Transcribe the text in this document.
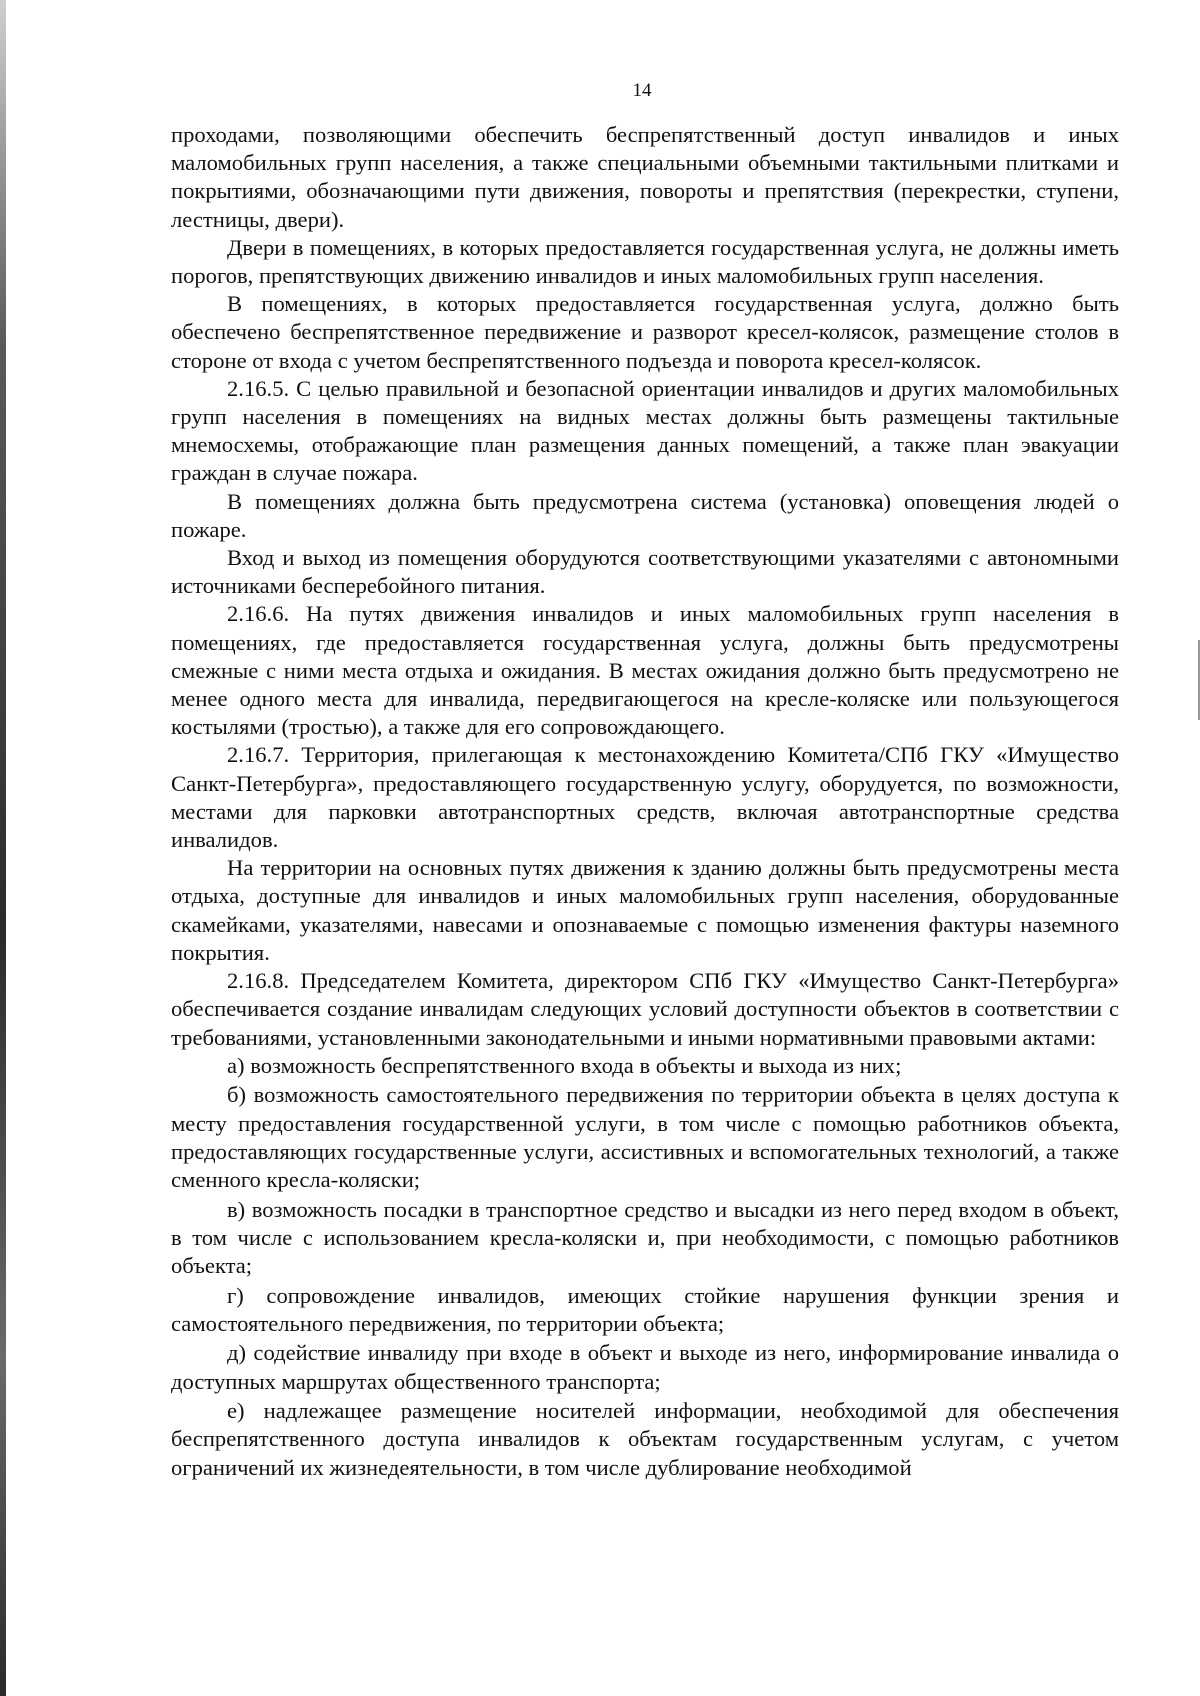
14

проходами, позволяющими обеспечить беспрепятственный доступ инвалидов и иных маломобильных групп населения, а также специальными объемными тактильными плитками и покрытиями, обозначающими пути движения, повороты и препятствия (перекрестки, ступени, лестницы, двери).

Двери в помещениях, в которых предоставляется государственная услуга, не должны иметь порогов, препятствующих движению инвалидов и иных маломобильных групп населения.

В помещениях, в которых предоставляется государственная услуга, должно быть обеспечено беспрепятственное передвижение и разворот кресел-колясок, размещение столов в стороне от входа с учетом беспрепятственного подъезда и поворота кресел-колясок.

2.16.5. С целью правильной и безопасной ориентации инвалидов и других маломобильных групп населения в помещениях на видных местах должны быть размещены тактильные мнемосхемы, отображающие план размещения данных помещений, а также план эвакуации граждан в случае пожара.

В помещениях должна быть предусмотрена система (установка) оповещения людей о пожаре.

Вход и выход из помещения оборудуются соответствующими указателями с автономными источниками бесперебойного питания.

2.16.6. На путях движения инвалидов и иных маломобильных групп населения в помещениях, где предоставляется государственная услуга, должны быть предусмотрены смежные с ними места отдыха и ожидания. В местах ожидания должно быть предусмотрено не менее одного места для инвалида, передвигающегося на кресле-коляске или пользующегося костылями (тростью), а также для его сопровождающего.

2.16.7. Территория, прилегающая к местонахождению Комитета/СПб ГКУ «Имущество Санкт-Петербурга», предоставляющего государственную услугу, оборудуется, по возможности, местами для парковки автотранспортных средств, включая автотранспортные средства инвалидов.

На территории на основных путях движения к зданию должны быть предусмотрены места отдыха, доступные для инвалидов и иных маломобильных групп населения, оборудованные скамейками, указателями, навесами и опознаваемые с помощью изменения фактуры наземного покрытия.

2.16.8. Председателем Комитета, директором СПб ГКУ «Имущество Санкт-Петербурга» обеспечивается создание инвалидам следующих условий доступности объектов в соответствии с требованиями, установленными законодательными и иными нормативными правовыми актами:

а) возможность беспрепятственного входа в объекты и выхода из них;

б) возможность самостоятельного передвижения по территории объекта в целях доступа к месту предоставления государственной услуги, в том числе с помощью работников объекта, предоставляющих государственные услуги, ассистивных и вспомогательных технологий, а также сменного кресла-коляски;

в) возможность посадки в транспортное средство и высадки из него перед входом в объект, в том числе с использованием кресла-коляски и, при необходимости, с помощью работников объекта;

г) сопровождение инвалидов, имеющих стойкие нарушения функции зрения и самостоятельного передвижения, по территории объекта;

д) содействие инвалиду при входе в объект и выходе из него, информирование инвалида о доступных маршрутах общественного транспорта;

е) надлежащее размещение носителей информации, необходимой для обеспечения беспрепятственного доступа инвалидов к объектам государственным услугам, с учетом ограничений их жизнедеятельности, в том числе дублирование необходимой
